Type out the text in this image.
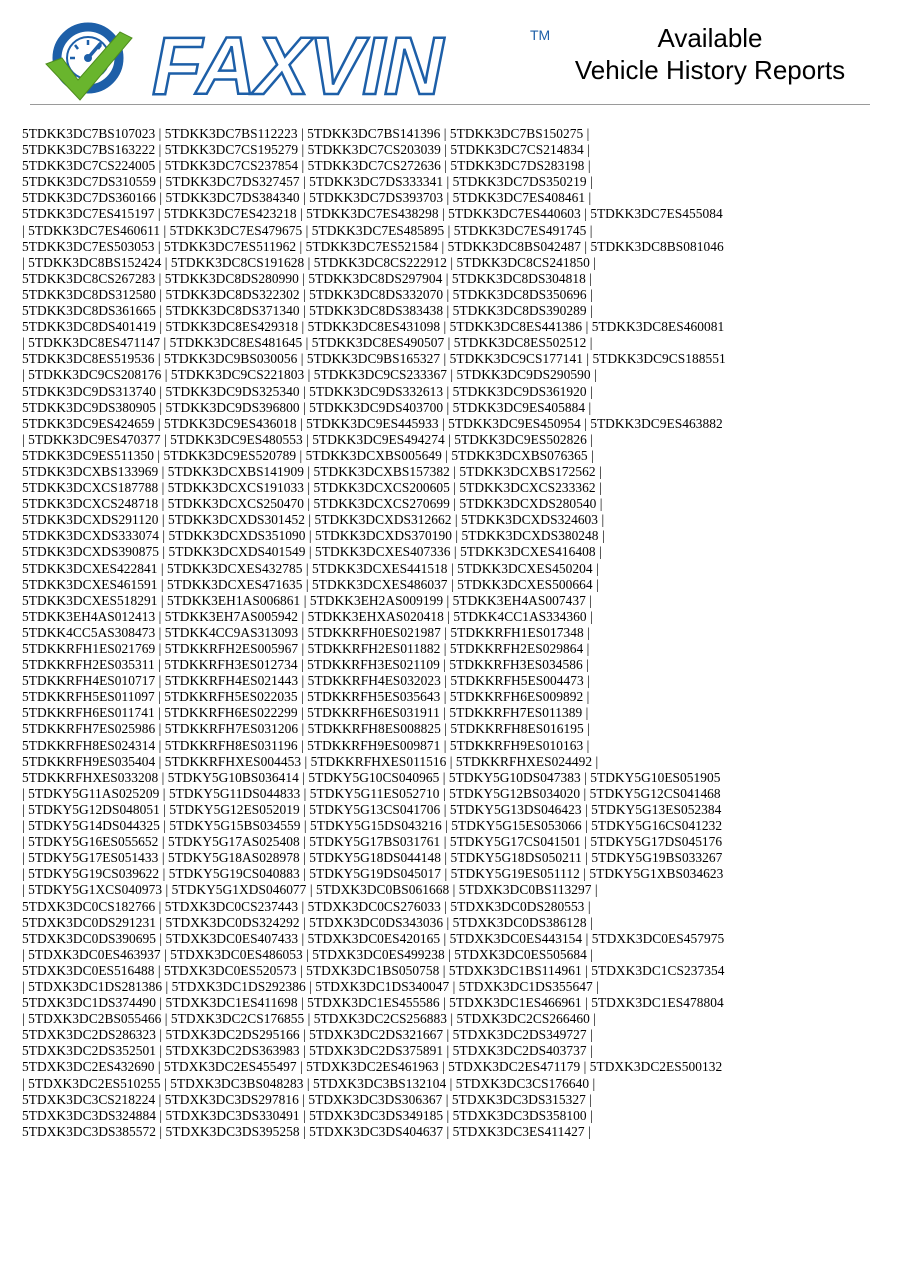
FAXVIN	TM	Available
Vehicle History Reports
5TDKK3DC7BS107023 | 5TDKK3DC7BS112223 | 5TDKK3DC7BS141396 | 5TDKK3DC7BS150275 |
5TDKK3DC7BS163222 | 5TDKK3DC7CS195279 | 5TDKK3DC7CS203039 | 5TDKK3DC7CS214834 |
5TDKK3DC7CS224005 | 5TDKK3DC7CS237854 | 5TDKK3DC7CS272636 | 5TDKK3DC7DS283198 |
5TDKK3DC7DS310559 | 5TDKK3DC7DS327457 | 5TDKK3DC7DS333341 | 5TDKK3DC7DS350219 |
5TDKK3DC7DS360166 | 5TDKK3DC7DS384340 | 5TDKK3DC7DS393703 | 5TDKK3DC7ES408461 |
5TDKK3DC7ES415197 | 5TDKK3DC7ES423218 | 5TDKK3DC7ES438298 | 5TDKK3DC7ES440603 | 5TDKK3DC7ES455084
| 5TDKK3DC7ES460611 | 5TDKK3DC7ES479675 | 5TDKK3DC7ES485895 | 5TDKK3DC7ES491745 |
5TDKK3DC7ES503053 | 5TDKK3DC7ES511962 | 5TDKK3DC7ES521584 | 5TDKK3DC8BS042487 | 5TDKK3DC8BS081046
| 5TDKK3DC8BS152424 | 5TDKK3DC8CS191628 | 5TDKK3DC8CS222912 | 5TDKK3DC8CS241850 |
5TDKK3DC8CS267283 | 5TDKK3DC8DS280990 | 5TDKK3DC8DS297904 | 5TDKK3DC8DS304818 |
5TDKK3DC8DS312580 | 5TDKK3DC8DS322302 | 5TDKK3DC8DS332070 | 5TDKK3DC8DS350696 |
5TDKK3DC8DS361665 | 5TDKK3DC8DS371340 | 5TDKK3DC8DS383438 | 5TDKK3DC8DS390289 |
5TDKK3DC8DS401419 | 5TDKK3DC8ES429318 | 5TDKK3DC8ES431098 | 5TDKK3DC8ES441386 | 5TDKK3DC8ES460081
| 5TDKK3DC8ES471147 | 5TDKK3DC8ES481645 | 5TDKK3DC8ES490507 | 5TDKK3DC8ES502512 |
5TDKK3DC8ES519536 | 5TDKK3DC9BS030056 | 5TDKK3DC9BS165327 | 5TDKK3DC9CS177141 | 5TDKK3DC9CS188551
| 5TDKK3DC9CS208176 | 5TDKK3DC9CS221803 | 5TDKK3DC9CS233367 | 5TDKK3DC9DS290590 |
5TDKK3DC9DS313740 | 5TDKK3DC9DS325340 | 5TDKK3DC9DS332613 | 5TDKK3DC9DS361920 |
5TDKK3DC9DS380905 | 5TDKK3DC9DS396800 | 5TDKK3DC9DS403700 | 5TDKK3DC9ES405884 |
5TDKK3DC9ES424659 | 5TDKK3DC9ES436018 | 5TDKK3DC9ES445933 | 5TDKK3DC9ES450954 | 5TDKK3DC9ES463882
| 5TDKK3DC9ES470377 | 5TDKK3DC9ES480553 | 5TDKK3DC9ES494274 | 5TDKK3DC9ES502826 |
5TDKK3DC9ES511350 | 5TDKK3DC9ES520789 | 5TDKK3DCXBS005649 | 5TDKK3DCXBS076365 |
5TDKK3DCXBS133969 | 5TDKK3DCXBS141909 | 5TDKK3DCXBS157382 | 5TDKK3DCXBS172562 |
5TDKK3DCXCS187788 | 5TDKK3DCXCS191033 | 5TDKK3DCXCS200605 | 5TDKK3DCXCS233362 |
5TDKK3DCXCS248718 | 5TDKK3DCXCS250470 | 5TDKK3DCXCS270699 | 5TDKK3DCXDS280540 |
5TDKK3DCXDS291120 | 5TDKK3DCXDS301452 | 5TDKK3DCXDS312662 | 5TDKK3DCXDS324603 |
5TDKK3DCXDS333074 | 5TDKK3DCXDS351090 | 5TDKK3DCXDS370190 | 5TDKK3DCXDS380248 |
5TDKK3DCXDS390875 | 5TDKK3DCXDS401549 | 5TDKK3DCXES407336 | 5TDKK3DCXES416408 |
5TDKK3DCXES422841 | 5TDKK3DCXES432785 | 5TDKK3DCXES441518 | 5TDKK3DCXES450204 |
5TDKK3DCXES461591 | 5TDKK3DCXES471635 | 5TDKK3DCXES486037 | 5TDKK3DCXES500664 |
5TDKK3DCXES518291 | 5TDKK3EH1AS006861 | 5TDKK3EH2AS009199 | 5TDKK3EH4AS007437 |
5TDKK3EH4AS012413 | 5TDKK3EH7AS005942 | 5TDKK3EHXAS020418 | 5TDKK4CC1AS334360 |
5TDKK4CC5AS308473 | 5TDKK4CC9AS313093 | 5TDKKRFH0ES021987 | 5TDKKRFH1ES017348 |
5TDKKRFH1ES021769 | 5TDKKRFH2ES005967 | 5TDKKRFH2ES011882 | 5TDKKRFH2ES029864 |
5TDKKRFH2ES035311 | 5TDKKRFH3ES012734 | 5TDKKRFH3ES021109 | 5TDKKRFH3ES034586 |
5TDKKRFH4ES010717 | 5TDKKRFH4ES021443 | 5TDKKRFH4ES032023 | 5TDKKRFH5ES004473 |
5TDKKRFH5ES011097 | 5TDKKRFH5ES022035 | 5TDKKRFH5ES035643 | 5TDKKRFH6ES009892 |
5TDKKRFH6ES011741 | 5TDKKRFH6ES022299 | 5TDKKRFH6ES031911 | 5TDKKRFH7ES011389 |
5TDKKRFH7ES025986 | 5TDKKRFH7ES031206 | 5TDKKRFH8ES008825 | 5TDKKRFH8ES016195 |
5TDKKRFH8ES024314 | 5TDKKRFH8ES031196 | 5TDKKRFH9ES009871 | 5TDKKRFH9ES010163 |
5TDKKRFH9ES035404 | 5TDKKRFHXES004453 | 5TDKKRFHXES011516 | 5TDKKRFHXES024492 |
5TDKKRFHXES033208 | 5TDKY5G10BS036414 | 5TDKY5G10CS040965 | 5TDKY5G10DS047383 | 5TDKY5G10ES051905
| 5TDKY5G11AS025209 | 5TDKY5G11DS044833 | 5TDKY5G11ES052710 | 5TDKY5G12BS034020 | 5TDKY5G12CS041468
| 5TDKY5G12DS048051 | 5TDKY5G12ES052019 | 5TDKY5G13CS041706 | 5TDKY5G13DS046423 | 5TDKY5G13ES052384
| 5TDKY5G14DS044325 | 5TDKY5G15BS034559 | 5TDKY5G15DS043216 | 5TDKY5G15ES053066 | 5TDKY5G16CS041232
| 5TDKY5G16ES055652 | 5TDKY5G17AS025408 | 5TDKY5G17BS031761 | 5TDKY5G17CS041501 | 5TDKY5G17DS045176
| 5TDKY5G17ES051433 | 5TDKY5G18AS028978 | 5TDKY5G18DS044148 | 5TDKY5G18DS050211 | 5TDKY5G19BS033267
| 5TDKY5G19CS039622 | 5TDKY5G19CS040883 | 5TDKY5G19DS045017 | 5TDKY5G19ES051112 | 5TDKY5G1XBS034623
| 5TDKY5G1XCS040973 | 5TDKY5G1XDS046077 | 5TDXK3DC0BS061668 | 5TDXK3DC0BS113297 |
5TDXK3DC0CS182766 | 5TDXK3DC0CS237443 | 5TDXK3DC0CS276033 | 5TDXK3DC0DS280553 |
5TDXK3DC0DS291231 | 5TDXK3DC0DS324292 | 5TDXK3DC0DS343036 | 5TDXK3DC0DS386128 |
5TDXK3DC0DS390695 | 5TDXK3DC0ES407433 | 5TDXK3DC0ES420165 | 5TDXK3DC0ES443154 | 5TDXK3DC0ES457975
| 5TDXK3DC0ES463937 | 5TDXK3DC0ES486053 | 5TDXK3DC0ES499238 | 5TDXK3DC0ES505684 |
5TDXK3DC0ES516488 | 5TDXK3DC0ES520573 | 5TDXK3DC1BS050758 | 5TDXK3DC1BS114961 | 5TDXK3DC1CS237354
| 5TDXK3DC1DS281386 | 5TDXK3DC1DS292386 | 5TDXK3DC1DS340047 | 5TDXK3DC1DS355647 |
5TDXK3DC1DS374490 | 5TDXK3DC1ES411698 | 5TDXK3DC1ES455586 | 5TDXK3DC1ES466961 | 5TDXK3DC1ES478804
| 5TDXK3DC2BS055466 | 5TDXK3DC2CS176855 | 5TDXK3DC2CS256883 | 5TDXK3DC2CS266460 |
5TDXK3DC2DS286323 | 5TDXK3DC2DS295166 | 5TDXK3DC2DS321667 | 5TDXK3DC2DS349727 |
5TDXK3DC2DS352501 | 5TDXK3DC2DS363983 | 5TDXK3DC2DS375891 | 5TDXK3DC2DS403737 |
5TDXK3DC2ES432690 | 5TDXK3DC2ES455497 | 5TDXK3DC2ES461963 | 5TDXK3DC2ES471179 | 5TDXK3DC2ES500132
| 5TDXK3DC2ES510255 | 5TDXK3DC3BS048283 | 5TDXK3DC3BS132104 | 5TDXK3DC3CS176640 |
5TDXK3DC3CS218224 | 5TDXK3DC3DS297816 | 5TDXK3DC3DS306367 | 5TDXK3DC3DS315327 |
5TDXK3DC3DS324884 | 5TDXK3DC3DS330491 | 5TDXK3DC3DS349185 | 5TDXK3DC3DS358100 |
5TDXK3DC3DS385572 | 5TDXK3DC3DS395258 | 5TDXK3DC3DS404637 | 5TDXK3DC3ES411427 |
